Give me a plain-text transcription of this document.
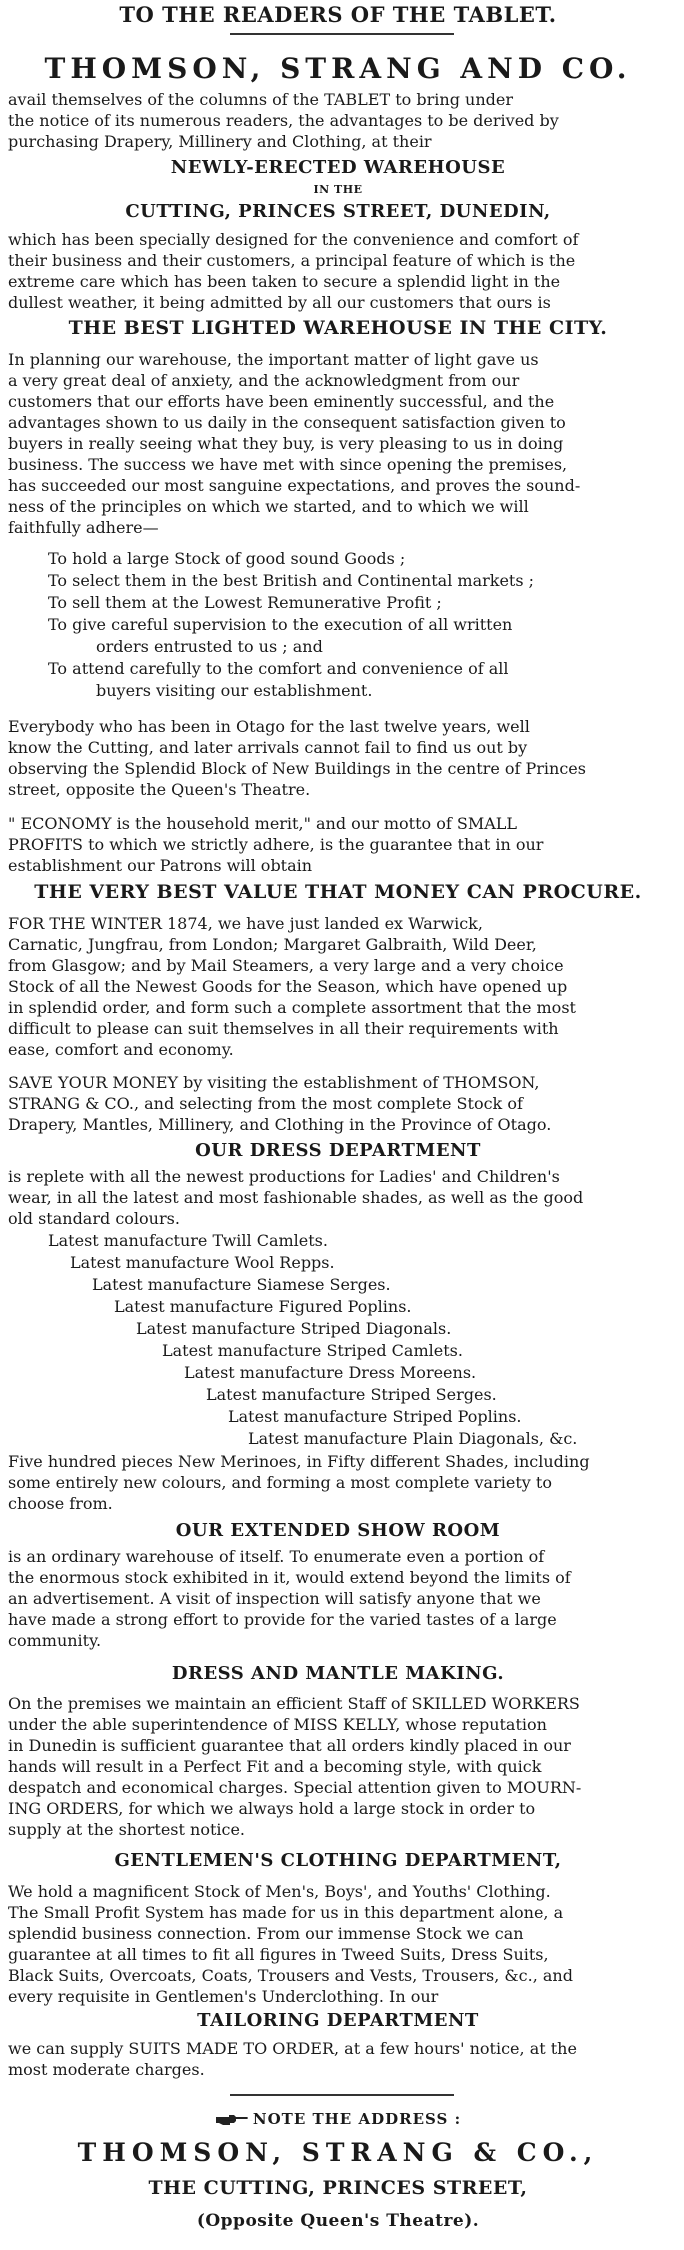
TO THE READERS OF THE TABLET.

THOMSON, STRANG AND CO.

avail themselves of the columns of the TABLET to bring under

the notice of its numerous readers, the advantages to be derived by

purchasing Drapery, Millinery and Clothing, at their

NEWLY-ERECTED WAREHOUSE

IN THE

CUTTING, PRINCES STREET, DUNEDIN,

which has been specially designed for the convenience and comfort of

their business and their customers, a principal feature of which is the

extreme care which has been taken to secure a splendid light in the

dullest weather, it being admitted by all our customers that ours is

THE BEST LIGHTED WAREHOUSE IN THE CITY.

In planning our warehouse, the important matter of light gave us

a very great deal of anxiety, and the acknowledgment from our

customers that our efforts have been eminently successful, and the

advantages shown to us daily in the consequent satisfaction given to

buyers in really seeing what they buy, is very pleasing to us in doing

business. The success we have met with since opening the premises,

has succeeded our most sanguine expectations, and proves the sound-

ness of the principles on which we started, and to which we will

faithfully adhere—

To hold a large Stock of good sound Goods ;

To select them in the best British and Continental markets ;

To sell them at the Lowest Remunerative Profit ;

To give careful supervision to the execution of all written

orders entrusted to us ; and

To attend carefully to the comfort and convenience of all

buyers visiting our establishment.

Everybody who has been in Otago for the last twelve years, well

know the Cutting, and later arrivals cannot fail to find us out by

observing the Splendid Block of New Buildings in the centre of Princes

street, opposite the Queen's Theatre.

" ECONOMY is the household merit," and our motto of SMALL

PROFITS to which we strictly adhere, is the guarantee that in our

establishment our Patrons will obtain

THE VERY BEST VALUE THAT MONEY CAN PROCURE.

FOR THE WINTER 1874, we have just landed ex Warwick,

Carnatic, Jungfrau, from London; Margaret Galbraith, Wild Deer,

from Glasgow; and by Mail Steamers, a very large and a very choice

Stock of all the Newest Goods for the Season, which have opened up

in splendid order, and form such a complete assortment that the most

difficult to please can suit themselves in all their requirements with

ease, comfort and economy.

SAVE YOUR MONEY by visiting the establishment of THOMSON,

STRANG & CO., and selecting from the most complete Stock of

Drapery, Mantles, Millinery, and Clothing in the Province of Otago.

OUR DRESS DEPARTMENT

is replete with all the newest productions for Ladies' and Children's

wear, in all the latest and most fashionable shades, as well as the good

old standard colours.

Latest manufacture Twill Camlets.

Latest manufacture Wool Repps.

Latest manufacture Siamese Serges.

Latest manufacture Figured Poplins.

Latest manufacture Striped Diagonals.

Latest manufacture Striped Camlets.

Latest manufacture Dress Moreens.

Latest manufacture Striped Serges.

Latest manufacture Striped Poplins.

Latest manufacture Plain Diagonals, &c.

Five hundred pieces New Merinoes, in Fifty different Shades, including

some entirely new colours, and forming a most complete variety to

choose from.

OUR EXTENDED SHOW ROOM

is an ordinary warehouse of itself. To enumerate even a portion of

the enormous stock exhibited in it, would extend beyond the limits of

an advertisement. A visit of inspection will satisfy anyone that we

have made a strong effort to provide for the varied tastes of a large

community.

DRESS AND MANTLE MAKING.

On the premises we maintain an efficient Staff of SKILLED WORKERS

under the able superintendence of MISS KELLY, whose reputation

in Dunedin is sufficient guarantee that all orders kindly placed in our

hands will result in a Perfect Fit and a becoming style, with quick

despatch and economical charges. Special attention given to MOURN-

ING ORDERS, for which we always hold a large stock in order to

supply at the shortest notice.

GENTLEMEN'S CLOTHING DEPARTMENT,

We hold a magnificent Stock of Men's, Boys', and Youths' Clothing.

The Small Profit System has made for us in this department alone, a

splendid business connection. From our immense Stock we can

guarantee at all times to fit all figures in Tweed Suits, Dress Suits,

Black Suits, Overcoats, Coats, Trousers and Vests, Trousers, &c., and

every requisite in Gentlemen's Underclothing. In our

TAILORING DEPARTMENT

we can supply SUITS MADE TO ORDER, at a few hours' notice, at the

most moderate charges.

NOTE THE ADDRESS :

THOMSON, STRANG & CO.,

THE CUTTING, PRINCES STREET,

(Opposite Queen's Theatre).
